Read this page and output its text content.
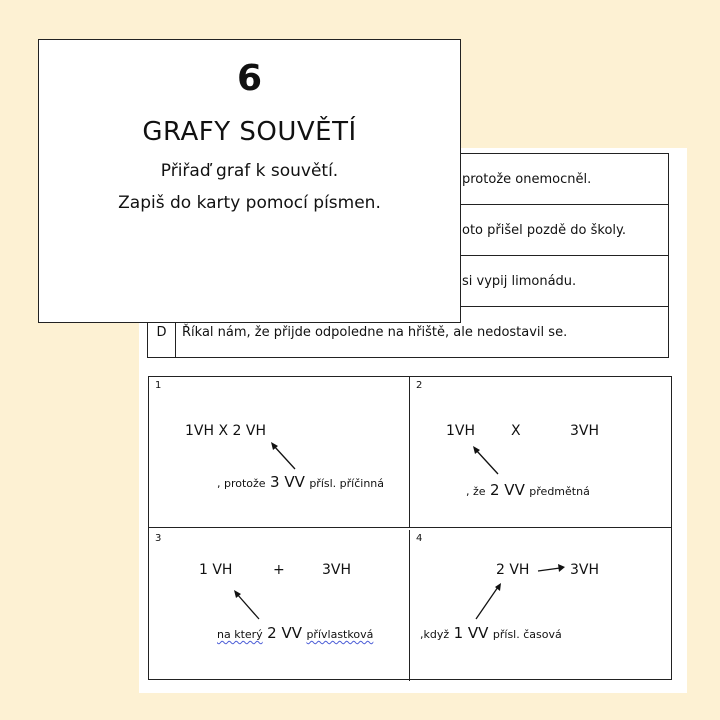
protože onemocněl.
oto přišel pozdě do školy.
si vypij limonádu.
D	Říkal nám, že přijde odpoledne na hřiště, ale nedostavil se.
1
1VH X 2 VH
, protože 3 VV přísl. příčinná
2
1VH	X	3VH
, že 2 VV předmětná
3
1 VH	+	3VH
na který 2 VV přívlastková
4
2 VH	3VH
,když 1 VV přísl. časová
6
GRAFY SOUVĚTÍ
Přiřaď graf k souvětí.
Zapiš do karty pomocí písmen.
